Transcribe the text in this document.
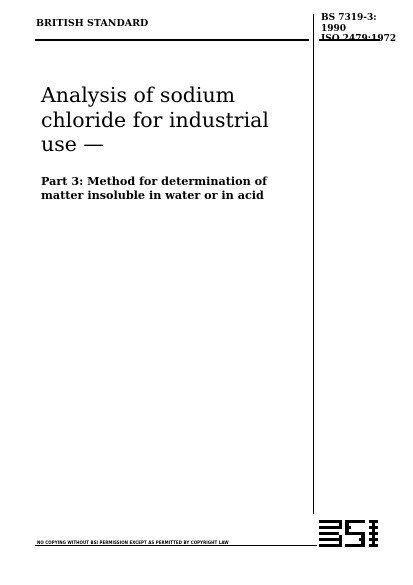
BRITISH STANDARD	BS 7319-3:
1990
ISO 2479:1972
Analysis of sodium
chloride for industrial
use —
Part 3: Method for determination of
matter insoluble in water or in acid
NO COPYING WITHOUT BSI PERMISSION EXCEPT AS PERMITTED BY COPYRIGHT LAW
